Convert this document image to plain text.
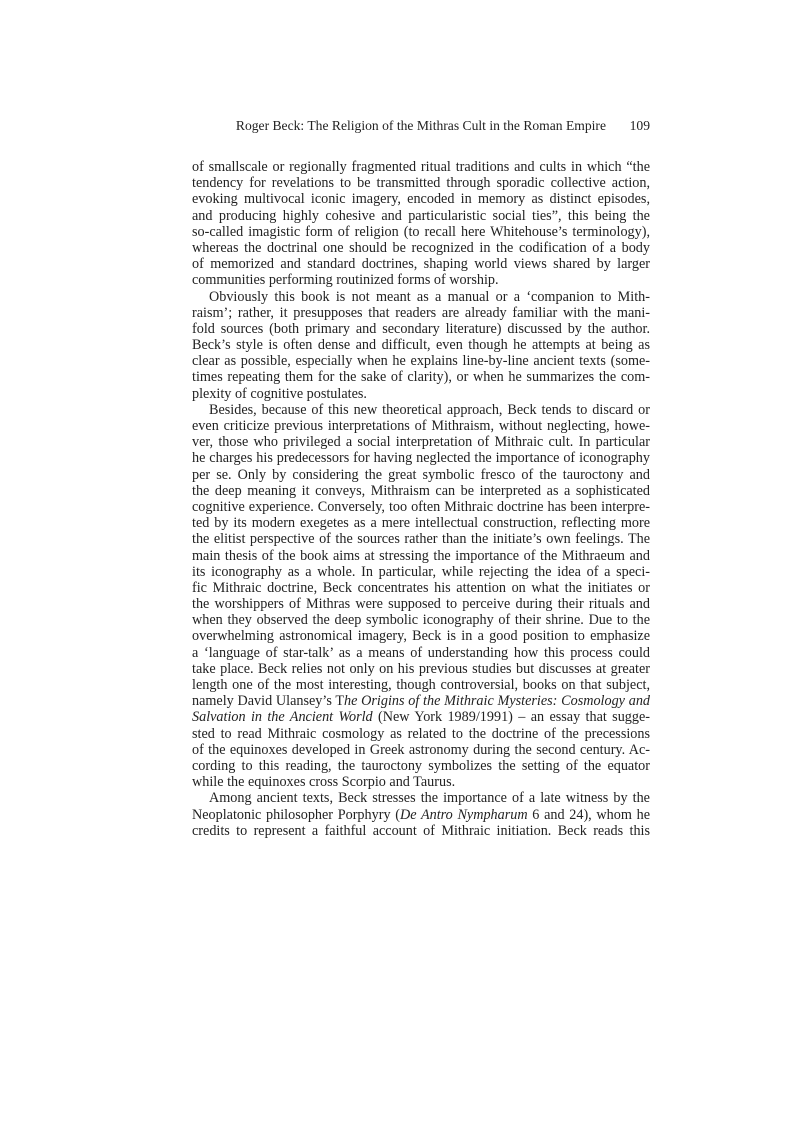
Roger Beck: The Religion of the Mithras Cult in the Roman Empire 109
of smallscale or regionally fragmented ritual traditions and cults in which “the
tendency for revelations to be transmitted through sporadic collective action,
evoking multivocal iconic imagery, encoded in memory as distinct episodes,
and producing highly cohesive and particularistic social ties”, this being the
so-called imagistic form of religion (to recall here Whitehouse’s terminology),
whereas the doctrinal one should be recognized in the codification of a body
of memorized and standard doctrines, shaping world views shared by larger
communities performing routinized forms of worship.
Obviously this book is not meant as a manual or a ‘companion to Mith-
raism’; rather, it presupposes that readers are already familiar with the mani-
fold sources (both primary and secondary literature) discussed by the author.
Beck’s style is often dense and difficult, even though he attempts at being as
clear as possible, especially when he explains line-by-line ancient texts (some-
times repeating them for the sake of clarity), or when he summarizes the com-
plexity of cognitive postulates.
Besides, because of this new theoretical approach, Beck tends to discard or
even criticize previous interpretations of Mithraism, without neglecting, howe-
ver, those who privileged a social interpretation of Mithraic cult. In particular
he charges his predecessors for having neglected the importance of iconography
per se. Only by considering the great symbolic fresco of the tauroctony and
the deep meaning it conveys, Mithraism can be interpreted as a sophisticated
cognitive experience. Conversely, too often Mithraic doctrine has been interpre-
ted by its modern exegetes as a mere intellectual construction, reflecting more
the elitist perspective of the sources rather than the initiate’s own feelings. The
main thesis of the book aims at stressing the importance of the Mithraeum and
its iconography as a whole. In particular, while rejecting the idea of a speci-
fic Mithraic doctrine, Beck concentrates his attention on what the initiates or
the worshippers of Mithras were supposed to perceive during their rituals and
when they observed the deep symbolic iconography of their shrine. Due to the
overwhelming astronomical imagery, Beck is in a good position to emphasize
a ‘language of star-talk’ as a means of understanding how this process could
take place. Beck relies not only on his previous studies but discusses at greater
length one of the most interesting, though controversial, books on that subject,
namely David Ulansey’s The Origins of the Mithraic Mysteries: Cosmology and
Salvation in the Ancient World (New York 1989/1991) – an essay that sugge-
sted to read Mithraic cosmology as related to the doctrine of the precessions
of the equinoxes developed in Greek astronomy during the second century. Ac-
cording to this reading, the tauroctony symbolizes the setting of the equator
while the equinoxes cross Scorpio and Taurus.
Among ancient texts, Beck stresses the importance of a late witness by the
Neoplatonic philosopher Porphyry (De Antro Nympharum 6 and 24), whom he
credits to represent a faithful account of Mithraic initiation. Beck reads this
